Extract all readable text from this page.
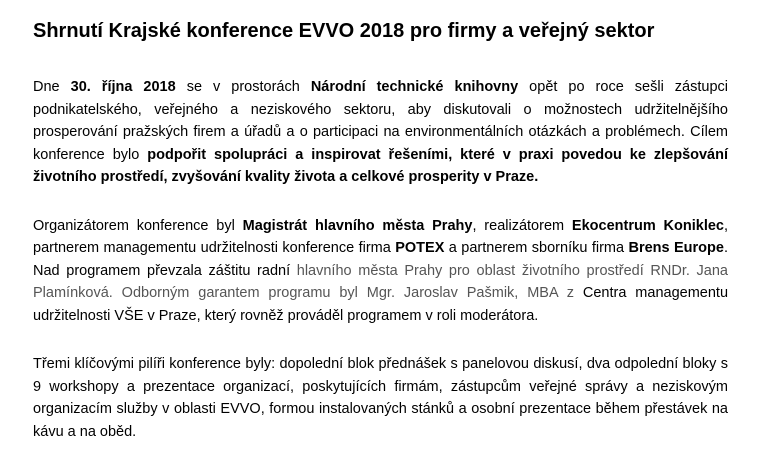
Shrnutí Krajské konference EVVO 2018 pro firmy a veřejný sektor

Dne 30. října 2018 se v prostorách Národní technické knihovny opět po roce sešli zástupci podnikatelského, veřejného a neziskového sektoru, aby diskutovali o možnostech udržitelnějšího prosperování pražských firem a úřadů a o participaci na environmentálních otázkách a problémech. Cílem konference bylo podpořit spolupráci a inspirovat řešeními, které v praxi povedou ke zlepšování životního prostředí, zvyšování kvality života a celkové prosperity v Praze.

Organizátorem konference byl Magistrát hlavního města Prahy, realizátorem Ekocentrum Koniklec, partnerem managementu udržitelnosti konference firma POTEX a partnerem sborníku firma Brens Europe. Nad programem převzala záštitu radní hlavního města Prahy pro oblast životního prostředí RNDr. Jana Plamínková. Odborným garantem programu byl Mgr. Jaroslav Pašmik, MBA z Centra managementu udržitelnosti VŠE v Praze, který rovněž prováděl programem v roli moderátora.

Třemi klíčovými pilíři konference byly: dopolední blok přednášek s panelovou diskusí, dva odpolední bloky s 9 workshopy a prezentace organizací, poskytujících firmám, zástupcům veřejné správy a neziskovým organizacím služby v oblasti EVVO, formou instalovaných stánků a osobní prezentace během přestávek na kávu a na oběd.
